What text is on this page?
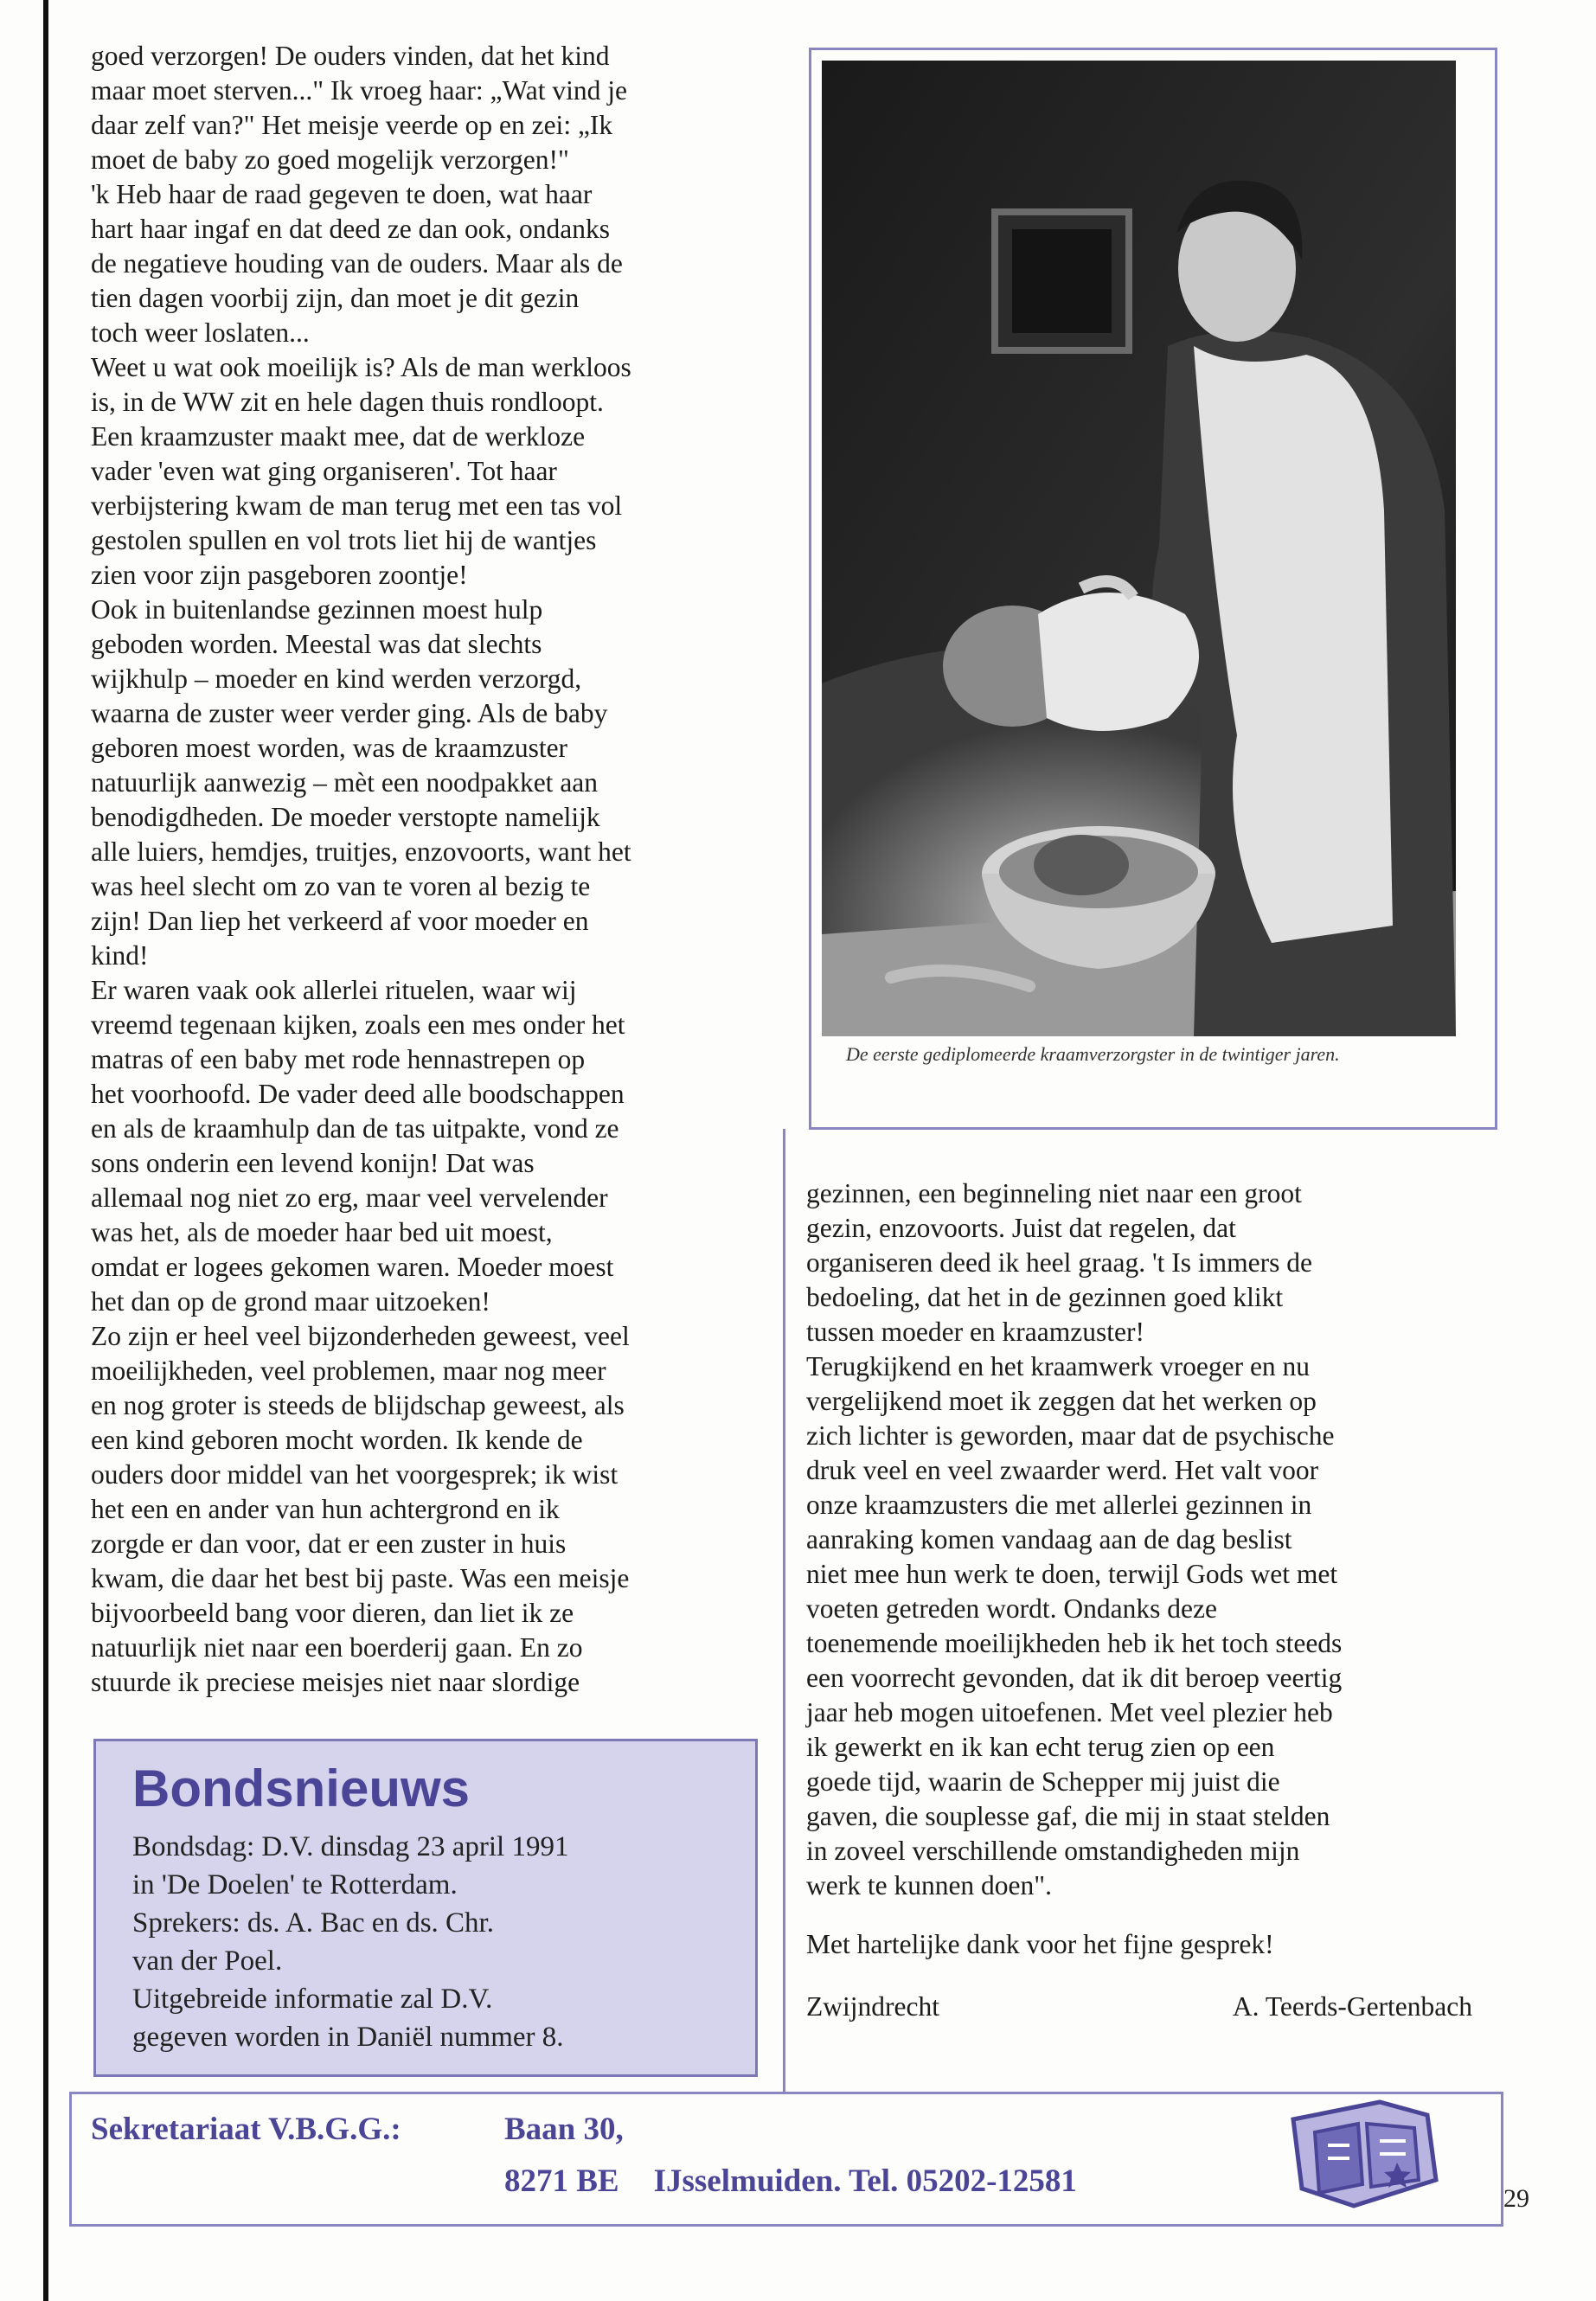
goed verzorgen! De ouders vinden, dat het kind

maar moet sterven..." Ik vroeg haar: „Wat vind je

daar zelf van?" Het meisje veerde op en zei: „Ik

moet de baby zo goed mogelijk verzorgen!"

'k Heb haar de raad gegeven te doen, wat haar

hart haar ingaf en dat deed ze dan ook, ondanks

de negatieve houding van de ouders. Maar als de

tien dagen voorbij zijn, dan moet je dit gezin

toch weer loslaten...

Weet u wat ook moeilijk is? Als de man werkloos

is, in de WW zit en hele dagen thuis rondloopt.

Een kraamzuster maakt mee, dat de werkloze

vader 'even wat ging organiseren'. Tot haar

verbijstering kwam de man terug met een tas vol

gestolen spullen en vol trots liet hij de wantjes

zien voor zijn pasgeboren zoontje!

Ook in buitenlandse gezinnen moest hulp

geboden worden. Meestal was dat slechts

wijkhulp – moeder en kind werden verzorgd,

waarna de zuster weer verder ging. Als de baby

geboren moest worden, was de kraamzuster

natuurlijk aanwezig – mèt een noodpakket aan

benodigdheden. De moeder verstopte namelijk

alle luiers, hemdjes, truitjes, enzovoorts, want het

was heel slecht om zo van te voren al bezig te

zijn! Dan liep het verkeerd af voor moeder en

kind!

Er waren vaak ook allerlei rituelen, waar wij

vreemd tegenaan kijken, zoals een mes onder het

matras of een baby met rode hennastrepen op

het voorhoofd. De vader deed alle boodschappen

en als de kraamhulp dan de tas uitpakte, vond ze

sons onderin een levend konijn! Dat was

allemaal nog niet zo erg, maar veel vervelender

was het, als de moeder haar bed uit moest,

omdat er logees gekomen waren. Moeder moest

het dan op de grond maar uitzoeken!

Zo zijn er heel veel bijzonderheden geweest, veel

moeilijkheden, veel problemen, maar nog meer

en nog groter is steeds de blijdschap geweest, als

een kind geboren mocht worden. Ik kende de

ouders door middel van het voorgesprek; ik wist

het een en ander van hun achtergrond en ik

zorgde er dan voor, dat er een zuster in huis

kwam, die daar het best bij paste. Was een meisje

bijvoorbeeld bang voor dieren, dan liet ik ze

natuurlijk niet naar een boerderij gaan. En zo

stuurde ik preciese meisjes niet naar slordige

De eerste gediplomeerde kraamverzorgster in de twintiger jaren.

gezinnen, een beginneling niet naar een groot

gezin, enzovoorts. Juist dat regelen, dat

organiseren deed ik heel graag. 't Is immers de

bedoeling, dat het in de gezinnen goed klikt

tussen moeder en kraamzuster!

Terugkijkend en het kraamwerk vroeger en nu

vergelijkend moet ik zeggen dat het werken op

zich lichter is geworden, maar dat de psychische

druk veel en veel zwaarder werd. Het valt voor

onze kraamzusters die met allerlei gezinnen in

aanraking komen vandaag aan de dag beslist

niet mee hun werk te doen, terwijl Gods wet met

voeten getreden wordt. Ondanks deze

toenemende moeilijkheden heb ik het toch steeds

een voorrecht gevonden, dat ik dit beroep veertig

jaar heb mogen uitoefenen. Met veel plezier heb

ik gewerkt en ik kan echt terug zien op een

goede tijd, waarin de Schepper mij juist die

gaven, die souplesse gaf, die mij in staat stelden

in zoveel verschillende omstandigheden mijn

werk te kunnen doen".

Met hartelijke dank voor het fijne gesprek!

Zwijndrecht	A. Teerds-Gertenbach
Bondsnieuws

Bondsdag: D.V. dinsdag 23 april 1991

in 'De Doelen' te Rotterdam.

Sprekers: ds. A. Bac en ds. Chr.

van der Poel.

Uitgebreide informatie zal D.V.

gegeven worden in Daniël nummer 8.

Sekretariaat V.B.G.G.:	Baan 30,
8271 BE IJsselmuiden. Tel. 05202-12581	29
